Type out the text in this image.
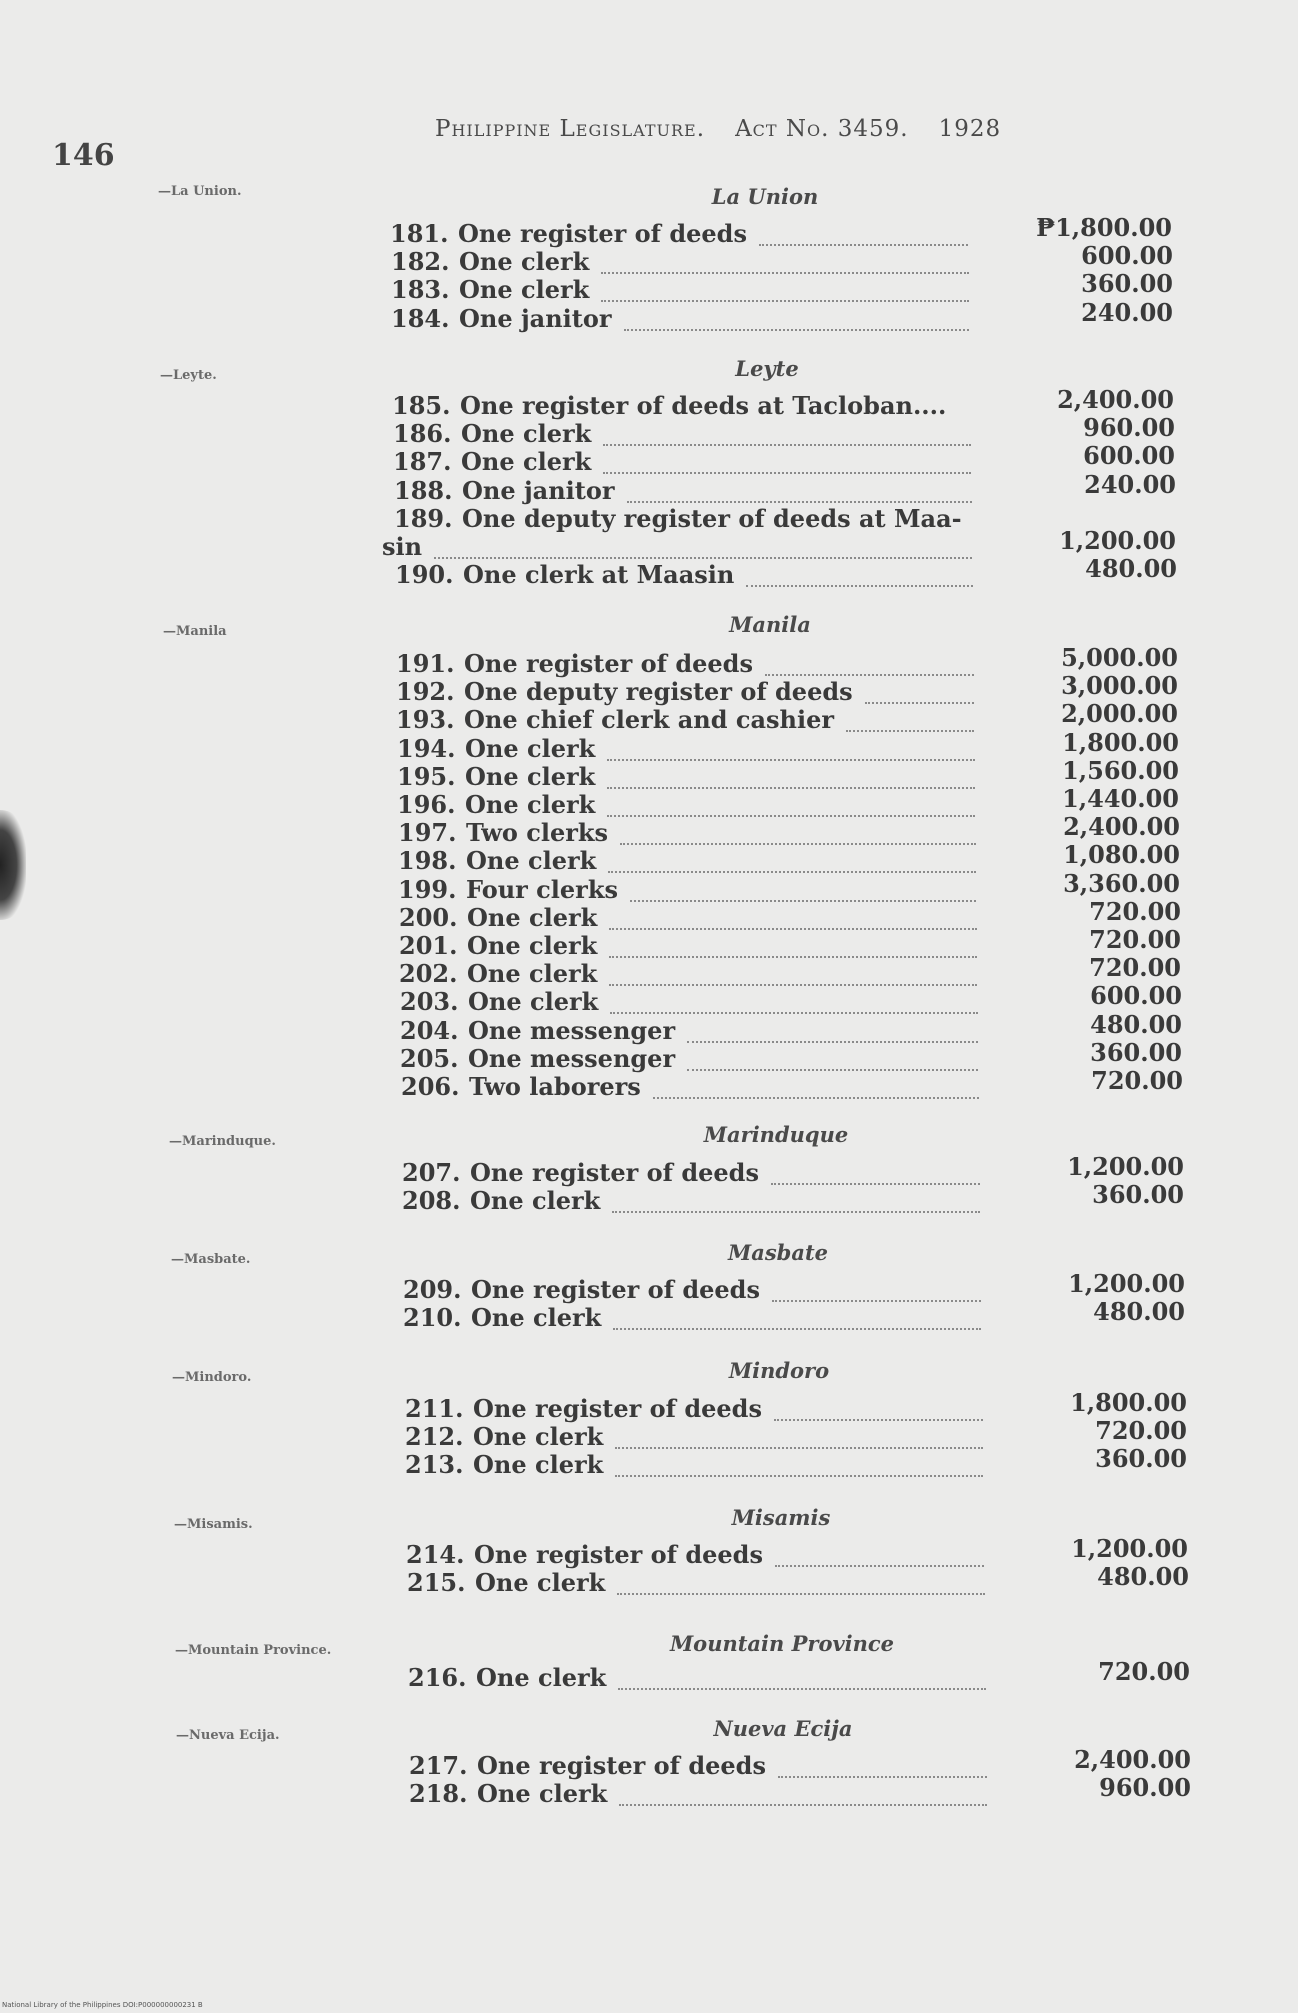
146
Philippine Legislature. Act No. 3459. 1928
—La Union.	La Union
181. One register of deeds	₱1,800.00
182. One clerk	600.00
183. One clerk	360.00
184. One janitor	240.00
—Leyte.	Leyte
185. One register of deeds at Tacloban....	2,400.00
186. One clerk	960.00
187. One clerk	600.00
188. One janitor	240.00
189. One deputy register of deeds at Maa-
sin	1,200.00
190. One clerk at Maasin	480.00
—Manila	Manila
191. One register of deeds	5,000.00
192. One deputy register of deeds	3,000.00
193. One chief clerk and cashier	2,000.00
194. One clerk	1,800.00
195. One clerk	1,560.00
196. One clerk	1,440.00
197. Two clerks	2,400.00
198. One clerk	1,080.00
199. Four clerks	3,360.00
200. One clerk	720.00
201. One clerk	720.00
202. One clerk	720.00
203. One clerk	600.00
204. One messenger	480.00
205. One messenger	360.00
206. Two laborers	720.00
—Marinduque.	Marinduque
207. One register of deeds	1,200.00
208. One clerk	360.00
—Masbate.	Masbate
209. One register of deeds	1,200.00
210. One clerk	480.00
—Mindoro.	Mindoro
211. One register of deeds	1,800.00
212. One clerk	720.00
213. One clerk	360.00
—Misamis.	Misamis
214. One register of deeds	1,200.00
215. One clerk	480.00
—Mountain Province.	Mountain Province
216. One clerk	720.00
—Nueva Ecija.	Nueva Ecija
217. One register of deeds	2,400.00
218. One clerk	960.00
National Library of the Philippines DOI:P000000000231 B
